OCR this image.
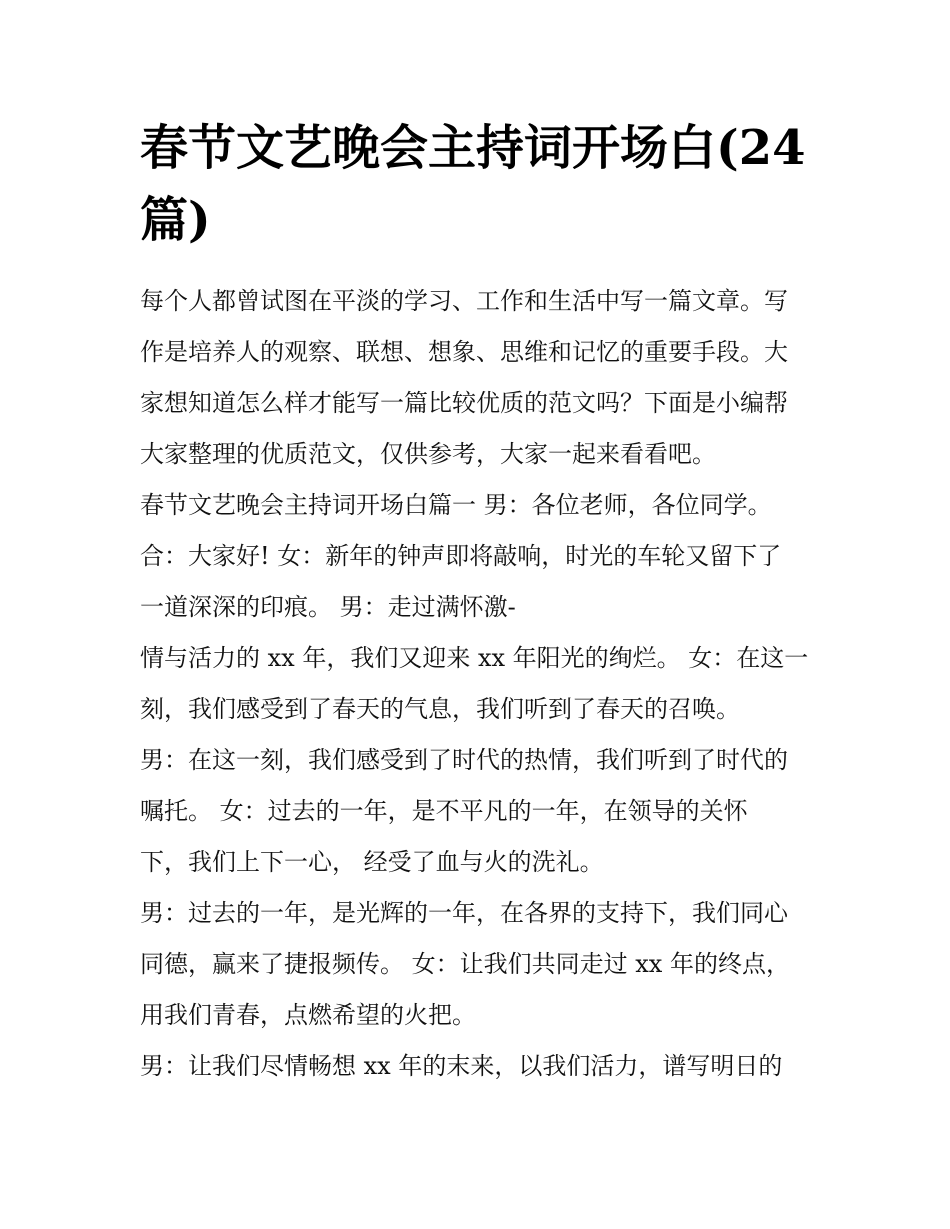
春节文艺晚会主持词开场白(24篇)
每个人都曾试图在平淡的学习、工作和生活中写一篇文章。写
作是培养人的观察、联想、想象、思维和记忆的重要手段。大
家想知道怎么样才能写一篇比较优质的范文吗？下面是小编帮
大家整理的优质范文，仅供参考，大家一起来看看吧。
春节文艺晚会主持词开场白篇一 男：各位老师，各位同学。
合：大家好! 女：新年的钟声即将敲响，时光的车轮又留下了
一道深深的印痕。 男：走过满怀激-
情与活力的 xx 年，我们又迎来 xx 年阳光的绚烂。 女：在这一
刻，我们感受到了春天的气息，我们听到了春天的召唤。
男：在这一刻，我们感受到了时代的热情，我们听到了时代的
嘱托。 女：过去的一年，是不平凡的一年，在领导的关怀
下，我们上下一心， 经受了血与火的洗礼。
男：过去的一年，是光辉的一年，在各界的支持下，我们同心
同德，赢来了捷报频传。 女：让我们共同走过 xx 年的终点，
用我们青春，点燃希望的火把。
男：让我们尽情畅想 xx 年的末来，以我们活力，谱写明日的
